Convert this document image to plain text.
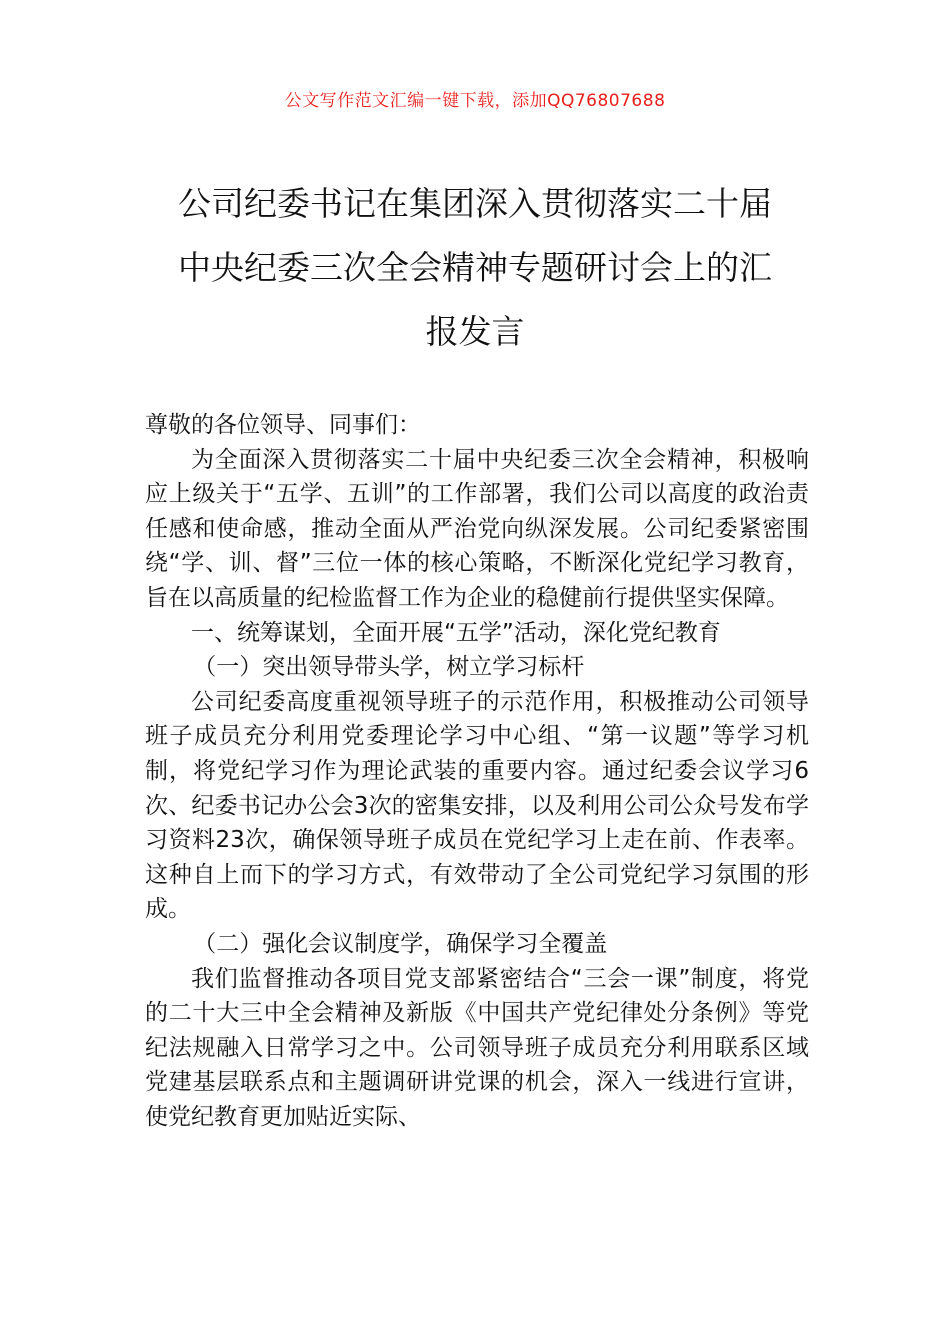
公文写作范文汇编一键下载，添加QQ76807688
公司纪委书记在集团深入贯彻落实二十届
中央纪委三次全会精神专题研讨会上的汇
报发言

尊敬的各位领导、同事们：

为全面深入贯彻落实二十届中央纪委三次全会精神，积极响应上级关于“五学、五训”的工作部署，我们公司以高度的政治责任感和使命感，推动全面从严治党向纵深发展。公司纪委紧密围绕“学、训、督”三位一体的核心策略，不断深化党纪学习教育，旨在以高质量的纪检监督工作为企业的稳健前行提供坚实保障。

一、统筹谋划，全面开展“五学”活动，深化党纪教育

（一）突出领导带头学，树立学习标杆

公司纪委高度重视领导班子的示范作用，积极推动公司领导班子成员充分利用党委理论学习中心组、“第一议题”等学习机制，将党纪学习作为理论武装的重要内容。通过纪委会议学习6次、纪委书记办公会3次的密集安排，以及利用公司公众号发布学习资料23次，确保领导班子成员在党纪学习上走在前、作表率。这种自上而下的学习方式，有效带动了全公司党纪学习氛围的形成。

（二）强化会议制度学，确保学习全覆盖

我们监督推动各项目党支部紧密结合“三会一课”制度，将党的二十大三中全会精神及新版《中国共产党纪律处分条例》等党纪法规融入日常学习之中。公司领导班子成员充分利用联系区域党建基层联系点和主题调研讲党课的机会，深入一线进行宣讲，使党纪教育更加贴近实际、
